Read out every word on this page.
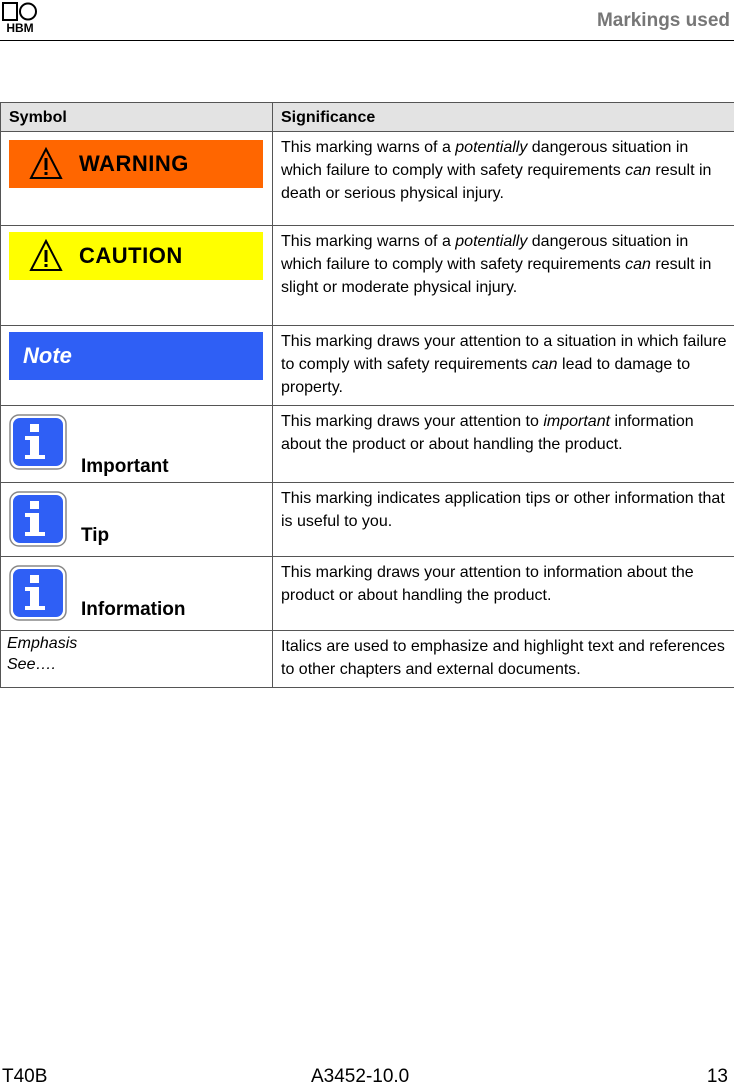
HBM	Markings used
Symbol	Significance

WARNING	This marking warns of a potentially dangerous situation in which failure to comply with safety requirements can result in death or serious physical injury.

CAUTION	This marking warns of a potentially dangerous situation in which failure to comply with safety requirements can result in slight or moderate physical injury.

Note	This marking draws your attention to a situation in which failure to comply with safety requirements can lead to damage to property.

Important	This marking draws your attention to important information about the product or about handling the product.

Tip	This marking indicates application tips or other information that is useful to you.

Information	This marking draws your attention to information about the product or about handling the product.

Emphasis
See….	Italics are used to emphasize and highlight text and references to other chapters and external documents.
T40B	A3452-10.0	13
